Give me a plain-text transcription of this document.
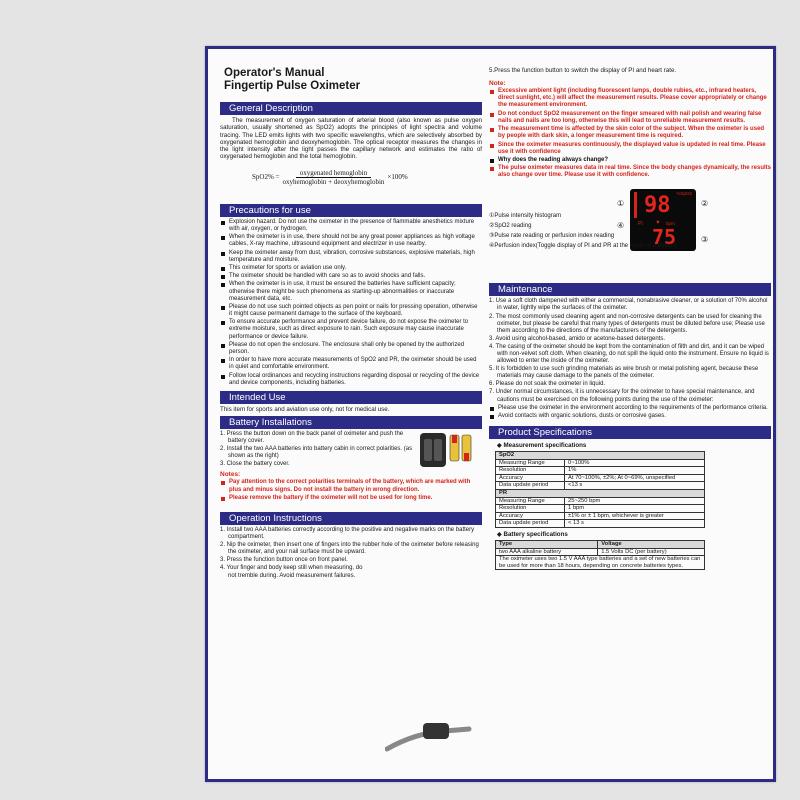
Operator's Manual
Fingertip Pulse Oximeter
General Description
The measurement of oxygen saturation of arterial blood (also known as pulse oxygen saturation, usually shortened as SpO2) adopts the principles of light spectra and volume tracing. The LED emits lights with two specific wavelengths, which are selectively absorbed by oxygenated hemoglobin and deoxyhemoglobin. The optical receptor measures the changes in the light intensity after the light passes the capillary network and estimates the ratio of oxygenated hemoglobin and the total hemoglobin.
$SpO2\% = \frac{\text{oxygenated hemoglobin}}{\text{oxyhemoglobin + deoxyhemoglobin}} \times 100\%$
Precautions for use
Explosion hazard. Do not use the oximeter in the presence of flammable anesthetics mixture with air, oxygen, or hydrogen.
When the oximeter is in use, there should not be any great power appliances as high voltage cables, X-ray machine, ultrasound equipment and electrizer in use nearby.
Keep the oximeter away from dust, vibration, corrosive substances, explosive materials, high temperature and moisture.
This oximeter for sports or aviation use only.
The oximeter should be handled with care so as to avoid shocks and falls.
When the oximeter is in use, it must be ensured the batteries have sufficient capacity; otherwise there might be such phenomena as starting-up abnormalities or inaccurate measurement data, etc.
Please do not use such pointed objects as pen point or nails for pressing operation, otherwise it might cause permanent damage to the surface of the keyboard.
To ensure accurate performance and prevent device failure, do not expose the oximeter to extreme moisture, such as direct exposure to rain. Such exposure may cause inaccurate performance or device failure.
Please do not open the enclosure. The enclosure shall only be opened by the authorized person.
In order to have more accurate measurements of SpO2 and PR, the oximeter should be used in quiet and comfortable environment.
Follow local ordinances and recycling instructions regarding disposal or recycling of the device and device components, including batteries.
Intended Use
This item for sports and aviation use only, not for medical use.
Battery Installations
1. Press the button down on the back panel of oximeter and push the battery cover.
2. Install the two AAA batteries into battery cabin in correct polarities. (as shown as the right)
3. Close the battery cover.
Notes:
Pay attention to the correct polarities terminals of the battery, which are marked with plus and minus signs. Do not install the battery in wrong direction.
Please remove the battery if the oximeter will not be used for long time.
Operation Instructions
1. Install two AAA batteries correctly according to the positive and negative marks on the battery compartment.
2. Nip the oximeter, then insert one of fingers into the rubber hole of the oximeter before releasing the oximeter, and your nail surface must be upward.
3. Press the function button once on front panel.
4. Your finger and body keep still when measuring, do not tremble during. Avoid measurement failures.
5.Press the function button to switch the display of PI and heart rate.
Note:
Excessive ambient light (including fluorescent lamps, double rubies, etc., infrared heaters, direct sunlight, etc.) will affect the measurement results. Please cover appropriately or change the measurement environment.
Do not conduct SpO2 measurement on the finger smeared with nail polish and wearing false nails and nails are too long, otherwise this will lead to unreliable measurement results.
The measurement time is affected by the skin color of the subject. When the oximeter is used by people with dark skin, a longer measurement time is required.
Since the oximeter measures continuously, the displayed value is updated in real time. Please use it with confidence
Why does the reading always change?
The pulse oximeter measures data in real time. Since the body changes dynamically, the results also change over time. Please use it with confidence.
%SpO2
98
PI ♥ bpm
75
①	②
④
③
①Pulse intensity histogram
②SpO2 reading
③Pulse rate reading or perfusion index reading
④Perfusion index(Toggle display of PI and PR at the touch of a button)
Maintenance
1. Use a soft cloth dampened with either a commercial, nonabrasive cleaner, or a solution of 70% alcohol in water, lightly wipe the surfaces of the oximeter.
2. The most commonly used cleaning agent and non-corrosive detergents can be used for cleaning the oximeter, but please be careful that many types of detergents must be diluted before use; Please use them according to the directions of the manufacturers of the detergents.
3. Avoid using alcohol-based, amido or acetone-based detergents.
4. The casing of the oximeter should be kept from the contamination of filth and dirt, and it can be wiped with non-velvet soft cloth. When cleaning, do not spill the liquid onto the instrument. Ensure no liquid is allowed to enter the inside of the oximeter.
5. It is forbidden to use such grinding materials as wire brush or metal polishing agent, because these materials may cause damage to the panels of the oximeter.
6. Please do not soak the oximeter in liquid.
7. Under normal circumstances, it is unnecessary for the oximeter to have special maintenance, and cautions must be exercised on the following points during the use of the oximeter:
Please use the oximeter in the environment according to the requirements of the performance criteria.
Avoid contacts with organic solutions, dusts or corrosive gases.
Product Specifications
◆ Measurement specifications
SpO2	
Measuring Range	0~100%
Resolution	1%
Accuracy	At 70~100%, ±2%; At 0~69%, unspecified
Data update period	<13 s
PR	
Measuring Range	25~250 bpm
Resolution	1 bpm
Accuracy	±1% or ± 1 bpm, whichever is greater
Data update period	< 13 s
◆ Battery specifications
Type	Voltage
two AAA alkaline battery	1.5 Volts DC (per battery)
The oximeter uses two 1.5 V AAA type batteries and a set of new batteries can be used for more than 18 hours, depending on concrete batteries types.	
